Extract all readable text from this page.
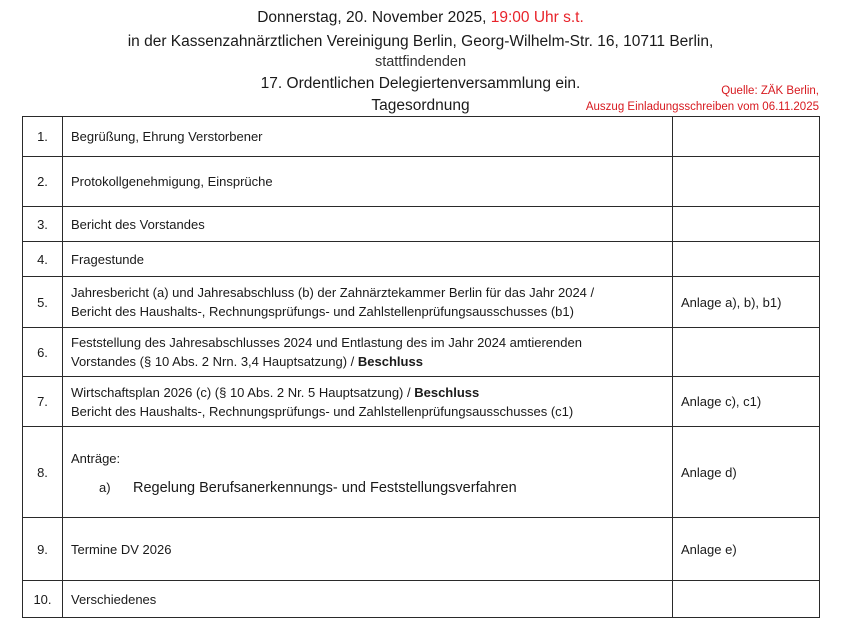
Donnerstag, 20. November 2025, 19:00 Uhr s.t.
in der Kassenzahnärztlichen Vereinigung Berlin, Georg-Wilhelm-Str. 16, 10711 Berlin,
stattfindenden
17. Ordentlichen Delegiertenversammlung ein.
Tagesordnung
Quelle: ZÄK Berlin,
Auszug Einladungsschreiben vom 06.11.2025
1.	Begrüßung, Ehrung Verstorbener	
2.	Protokollgenehmigung, Einsprüche	
3.	Bericht des Vorstandes	
4.	Fragestunde	
5.	Jahresbericht (a) und Jahresabschluss (b) der Zahnärztekammer Berlin für das Jahr 2024 /
Bericht des Haushalts-, Rechnungsprüfungs- und Zahlstellenprüfungsausschusses (b1)	Anlage a), b), b1)
6.	Feststellung des Jahresabschlusses 2024 und Entlastung des im Jahr 2024 amtierenden
Vorstandes (§ 10 Abs. 2 Nrn. 3,4 Hauptsatzung) / Beschluss	

7.	Wirtschaftsplan 2026 (c) (§ 10 Abs. 2 Nr. 5 Hauptsatzung) / Beschluss
Bericht des Haushalts-, Rechnungsprüfungs- und Zahlstellenprüfungsausschusses (c1)	Anlage c), c1)
8.	Anträge:
a) Regelung Berufsanerkennungs- und Feststellungsverfahren	Anlage d)
9.	Termine DV 2026	Anlage e)
10.	Verschiedenes	
